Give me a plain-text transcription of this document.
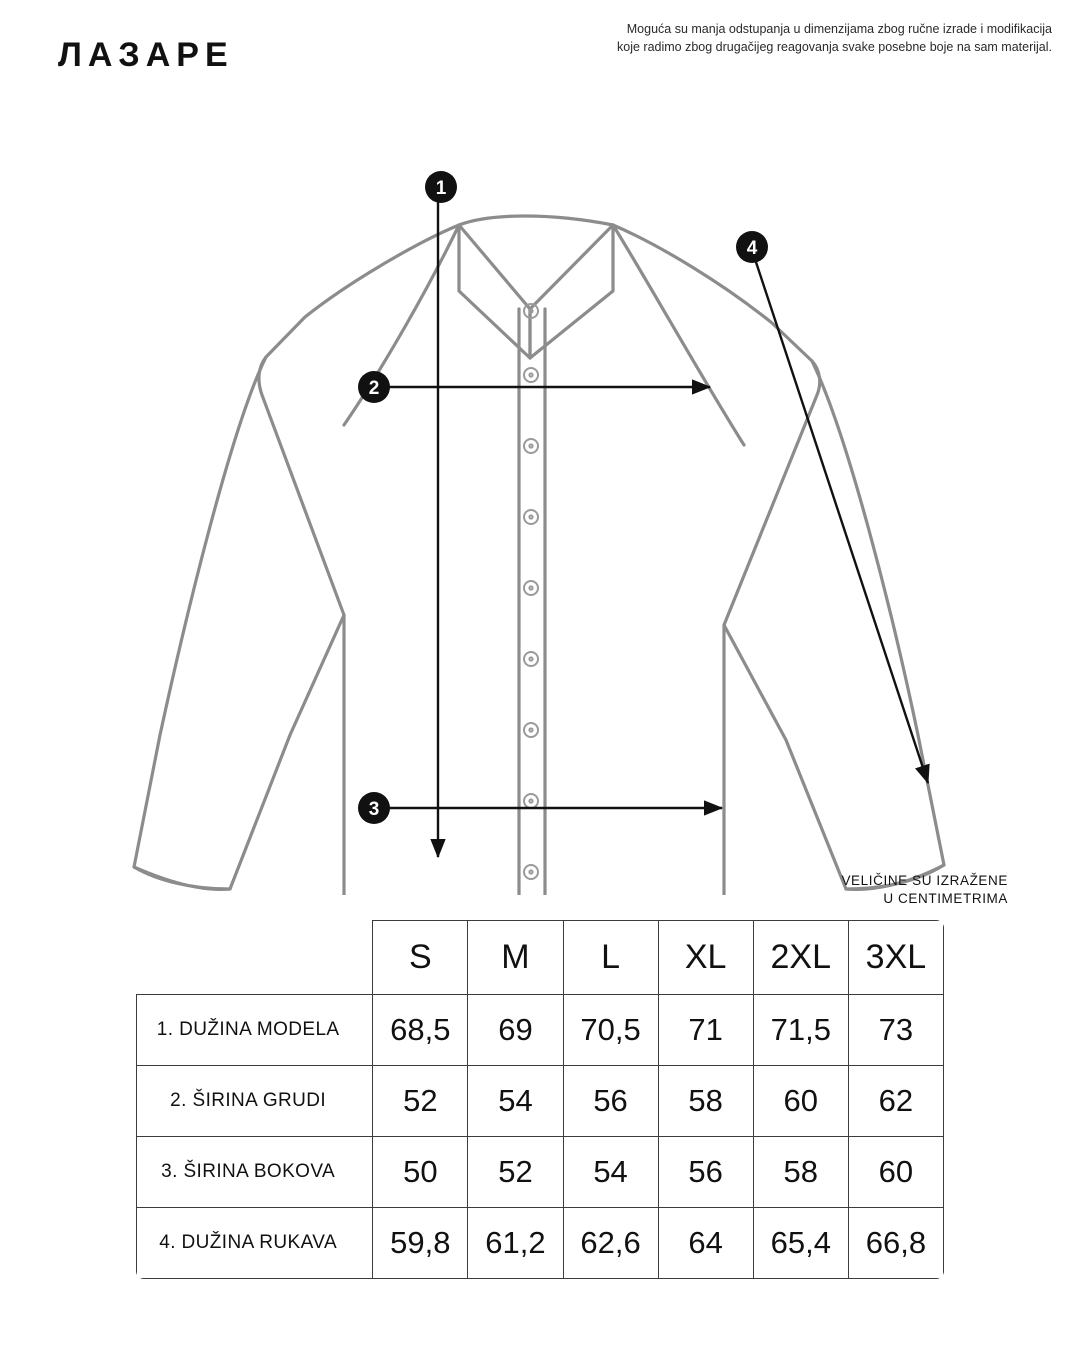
ЛАЗАРЕ
Moguća su manja odstupanja u dimenzijama zbog ručne izrade i modifikacija
koje radimo zbog drugačijeg reagovanja svake posebne boje na sam materijal.
1
2
3
4
VELIČINE SU IZRAŽENE
U CENTIMETRIMA
	S	M	L	XL	2XL	3XL
1. DUŽINA MODELA	68,5	69	70,5	71	71,5	73
2. ŠIRINA GRUDI	52	54	56	58	60	62
3. ŠIRINA BOKOVA	50	52	54	56	58	60
4. DUŽINA RUKAVA	59,8	61,2	62,6	64	65,4	66,8
